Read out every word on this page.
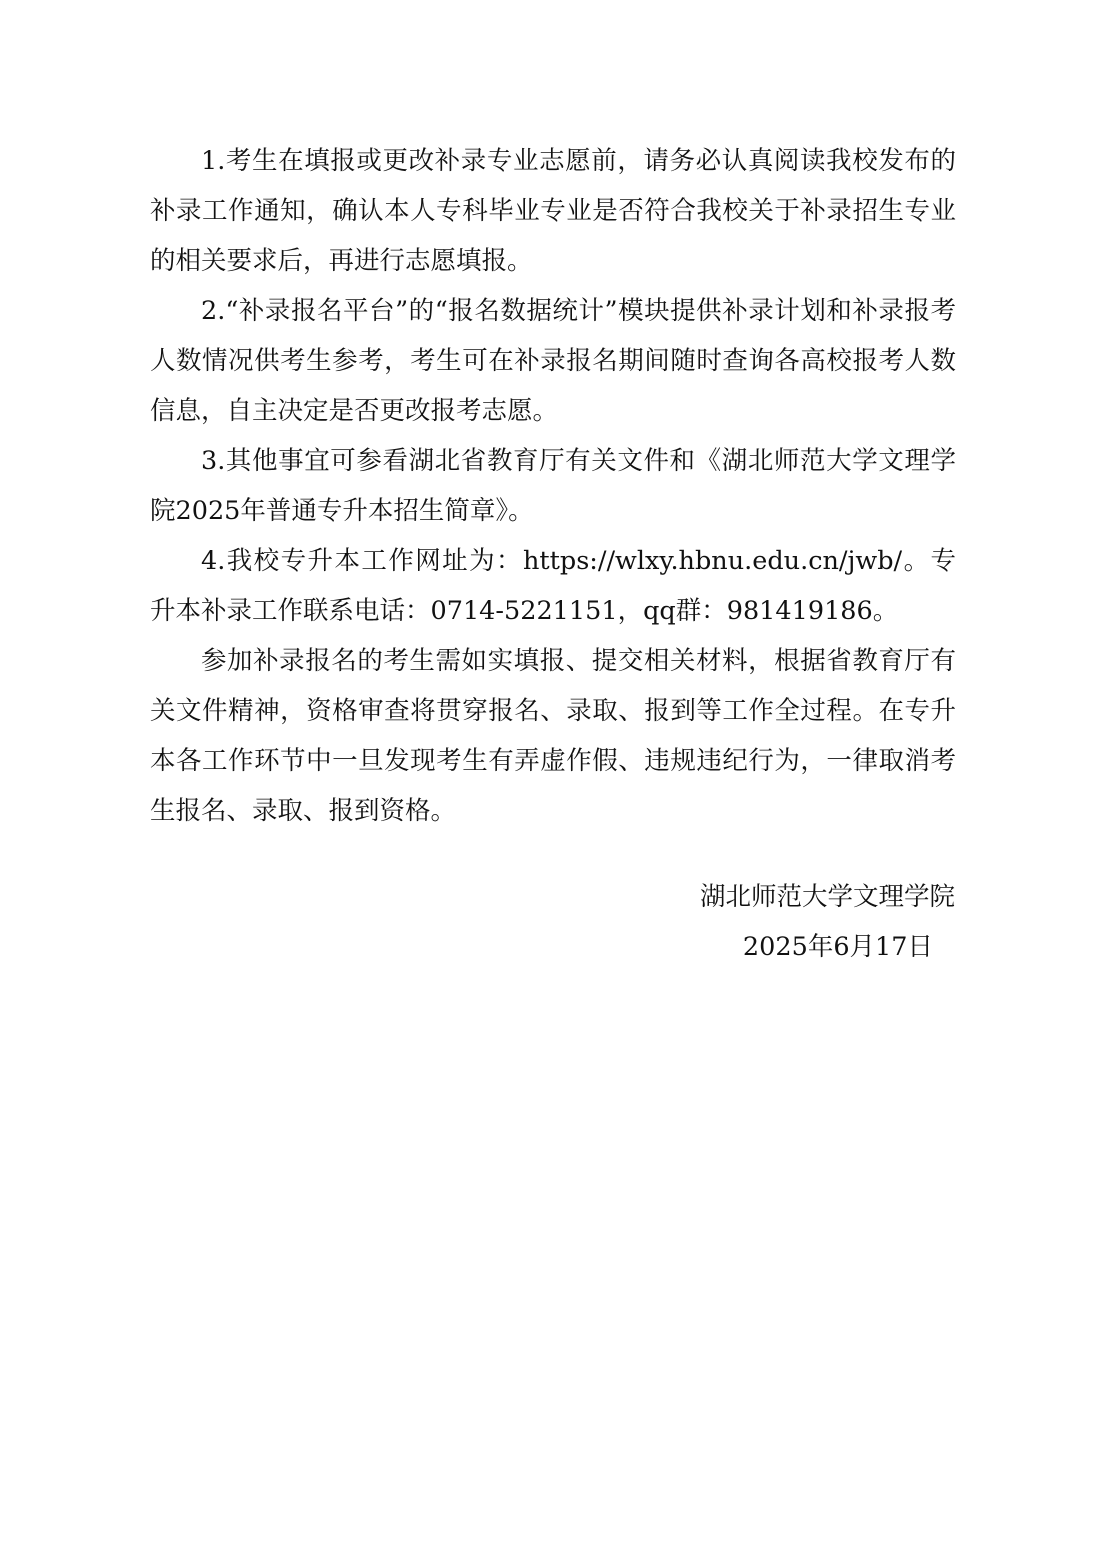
1.考生在填报或更改补录专业志愿前，请务必认真阅读我校发布的补录工作通知，确认本人专科毕业专业是否符合我校关于补录招生专业的相关要求后，再进行志愿填报。

2.“补录报名平台”的“报名数据统计”模块提供补录计划和补录报考人数情况供考生参考，考生可在补录报名期间随时查询各高校报考人数信息，自主决定是否更改报考志愿。

3.其他事宜可参看湖北省教育厅有关文件和《湖北师范大学文理学院2025年普通专升本招生简章》。

4.我校专升本工作网址为：https://wlxy.hbnu.edu.cn/jwb/。专升本补录工作联系电话：0714-5221151，qq群：981419186。

参加补录报名的考生需如实填报、提交相关材料，根据省教育厅有关文件精神，资格审查将贯穿报名、录取、报到等工作全过程。在专升本各工作环节中一旦发现考生有弄虚作假、违规违纪行为，一律取消考生报名、录取、报到资格。

湖北师范大学文理学院
2025年6月17日
